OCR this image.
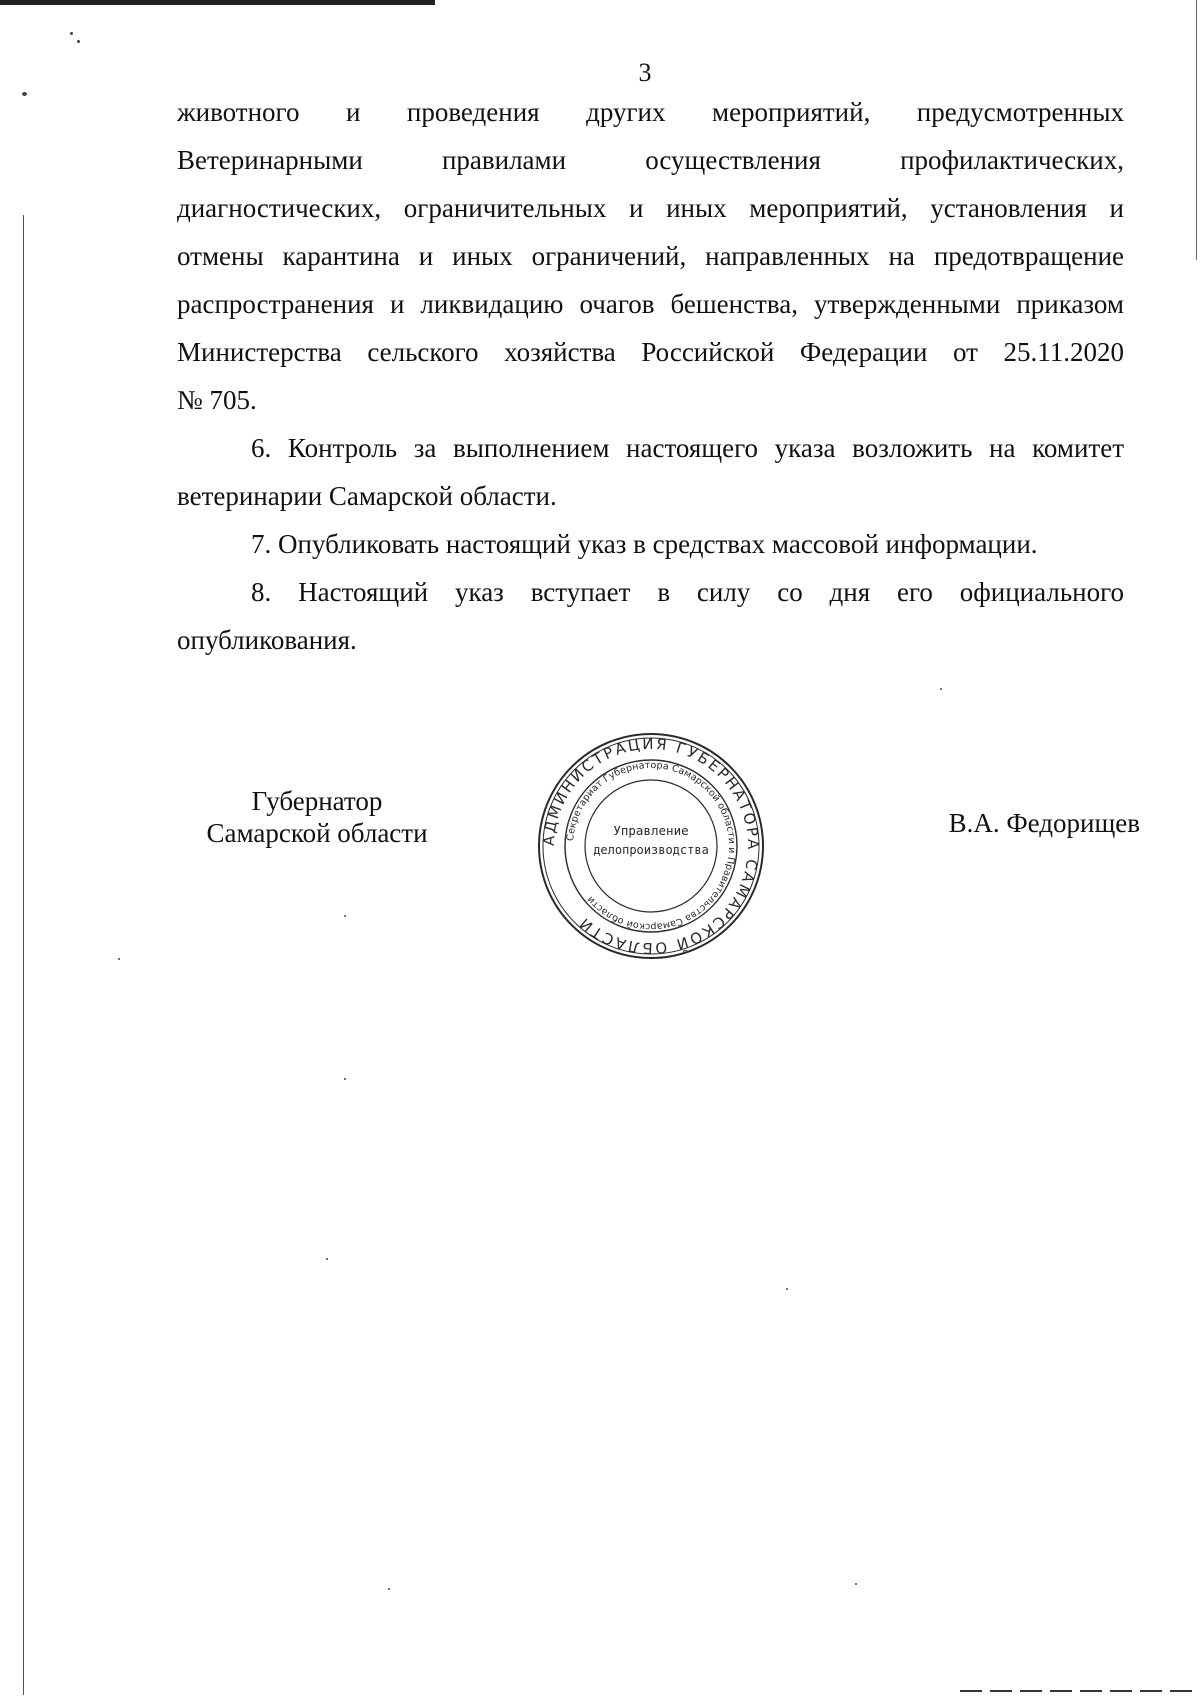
3
животного и проведения других мероприятий, предусмотренных
Ветеринарными правилами осуществления профилактических,
диагностических, ограничительных и иных мероприятий, установления и
отмены карантина и иных ограничений, направленных на предотвращение
распространения и ликвидацию очагов бешенства, утвержденными приказом
Министерства сельского хозяйства Российской Федерации от 25.11.2020
№ 705.
6. Контроль за выполнением настоящего указа возложить на комитет
ветеринарии Самарской области.
7. Опубликовать настоящий указ в средствах массовой информации.
8. Настоящий указ вступает в силу со дня его официального
опубликования.
Губернатор
Самарской области	В.А. Федорищев
АДМИНИСТРАЦИЯ ГУБЕРНАТОРА САМАРСКОЙ ОБЛАСТИ
Секретариат Губернатора Самарской области и Правительства Самарской области
Управление
делопроизводства
